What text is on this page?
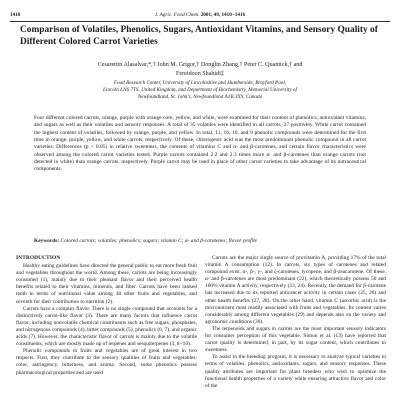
1410	J. Agric. Food Chem. 2001, 49, 1410−1416
Comparison of Volatiles, Phenolics, Sugars, Antioxidant Vitamins, and Sensory Quality of Different Colored Carrot Varieties
Cesarettin Alasalvar,*,† John M. Grigor,† Donglin Zhang,† Peter C. Quantick,† and
Fereidoon Shahidi‡
Food Research Center, University of Lincolnshire and Humberside, Brayford Pool,
Lincoln LN6 7TS, United Kingdom, and Department of Biochemistry, Memorial University of
Newfoundland, St. John's, Newfoundland A1B 3X9, Canada

Four different colored carrots, orange, purple with orange core, yellow, and white, were examined for their content of phenolics, antioxidant vitamins, and sugars as well as their volatiles and sensory responses. A total of 35 volatiles were identified in all carrots, 27 positively. White carrot contained the highest content of volatiles, followed by orange, purple, and yellow. In total, 11, 16, 10, and 9 phenolic compounds were determined for the first time in orange, purple, yellow, and white carrots, respectively. Of these, chlorogenic acid was the most predominant phenolic compound in all carrot varieties. Differences (p < 0.05) in relative sweetness, the contents of vitamins C and α- and β-carotenes, and certain flavor characteristics were observed among the colored carrot varieties tested. Purple carrots contained 2.2 and 2.3 times more α- and β-carotenes than orange carrots (not detected in white) than orange carrots, respectively. Purple carrot may be used in place of other carrot varieties to take advantage of its nutraceutical components.

Keywords: Colored carrots; volatiles; phenolics; sugars; vitamin C; α- and β-carotenes; flavor profile

INTRODUCTION

Healthy eating guidelines have directed the general public to eat more fresh fruit and vegetables throughout the world. Among these, carrots are being increasingly consumed (1), mainly due to their pleasant flavor and their perceived health benefits related to their vitamins, minerals, and fiber. Carrots have been ranked tenth in terms of nutritional value among 38 other fruits and vegetables, and seventh for their contribution to nutrition (2).

Carrots have a complex flavor. There is no single compound that accounts for a distinctively carrot-like flavor (3). There are many factors that influence carrot flavor, including nonvolatile chemical constituents such as free sugars, phosphates, and nitrogenous compounds (4), bitter compounds (5), phenolics (6, 7), and organic acids (7). However, the characteristic flavor of carrots is mainly due to the volatile constituents, which are mostly made up of terpenes and sesquiterpenes (3, 8−10).

Phenolic compounds in fruits and vegetables are of great interest in two respects. First, they contribute to the sensory qualities of fruits and vegetables: color, astringency, bitterness, and aroma. Second, some phenolics possess pharmacological properties and are used

Carrots are the major single source of provitamin A, providing 17% of the total vitamin A consumption (12). In carrots, six types of carotenes and related compound exist, α-, β-, γ-, and ζ-carotenes, lycopene, and β-zeacarotene. Of these, α- and β-carotenes are most predominant (22), which theoretically possess 50 and 100% vitamin A activity, respectively (23, 24). Recently, the demand for β-carotene has increased due to its reported anticancer activity in certain cases (25, 26) and other health benefits (27, 28). On the other hand, vitamin C (ascorbic acid) is the micronutrient most readily associated with fruits and vegetables. Its content varies considerably among different vegetables (29) and depends also on the variety and agronomic conditions (30).

The terpenoids and sugars in carrots are the most important sensory indicators for consumer perception of this vegetable. Simon et al. (13) have reported that carrot quality is determined, in part, by its sugar content, which contributes to sweetness.

To assist in the breeding program, it is necessary to analyze typical varieties in terms of volatiles, phenolics, antioxidants, sugars, and sensory responses. These quality attributes are important for plant breeders who wish to optimize the functional health properties of a variety while ensuring attractive flavor and color of the
